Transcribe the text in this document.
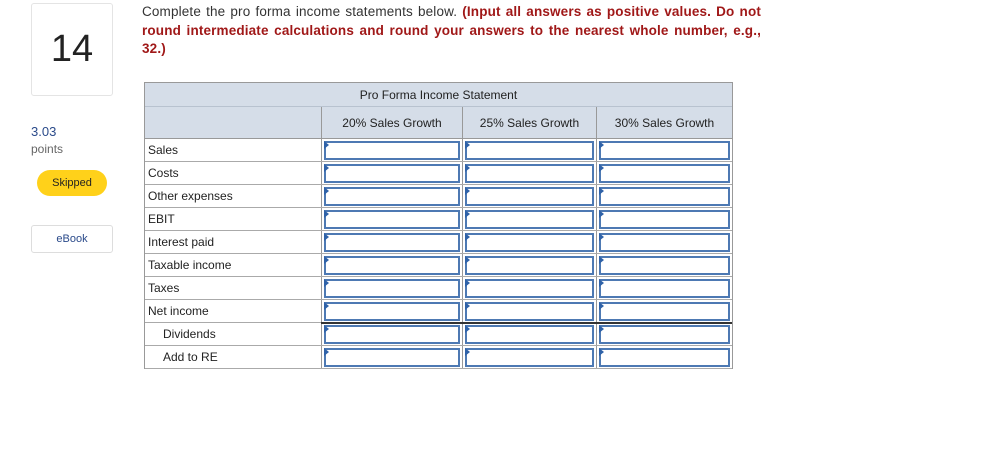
14
3.03
points
Skipped
eBook
Complete the pro forma income statements below. (Input all answers as positive values. Do not round intermediate calculations and round your answers to the nearest whole number, e.g., 32.)
Pro Forma Income Statement
20% Sales Growth	25% Sales Growth	30% Sales Growth
Sales
Costs
Other expenses
EBIT
Interest paid
Taxable income
Taxes
Net income
Dividends
Add to RE
